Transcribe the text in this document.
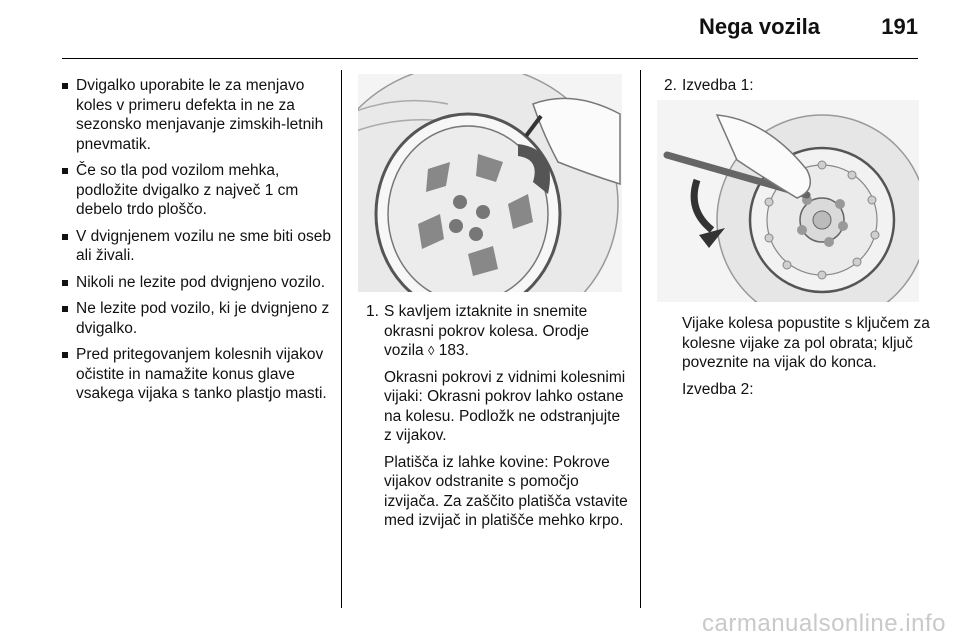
Nega vozila	191
Dvigalko uporabite le za menjavo koles v primeru defekta in ne za sezonsko menjavanje zimskih-letnih pnevmatik.
Če so tla pod vozilom mehka, podložite dvigalko z največ 1 cm debelo trdo ploščo.
V dvignjenem vozilu ne sme biti oseb ali živali.
Nikoli ne lezite pod dvignjeno vozilo.
Ne lezite pod vozilo, ki je dvignjeno z dvigalko.
Pred pritegovanjem kolesnih vijakov očistite in namažite konus glave vsakega vijaka s tanko plastjo masti.
1. S kavljem iztaknite in snemite okrasni pokrov kolesa. Orodje vozila ◊ 183.
Okrasni pokrovi z vidnimi kolesnimi vijaki: Okrasni pokrov lahko ostane na kolesu. Podložk ne odstranjujte z vijakov.
Platišča iz lahke kovine: Pokrove vijakov odstranite s pomočjo izvijača. Za zaščito platišča vstavite med izvijač in platišče mehko krpo.
2. Izvedba 1:
Vijake kolesa popustite s ključem za kolesne vijake za pol obrata; ključ poveznite na vijak do konca.
Izvedba 2:
carmanualsonline.info
